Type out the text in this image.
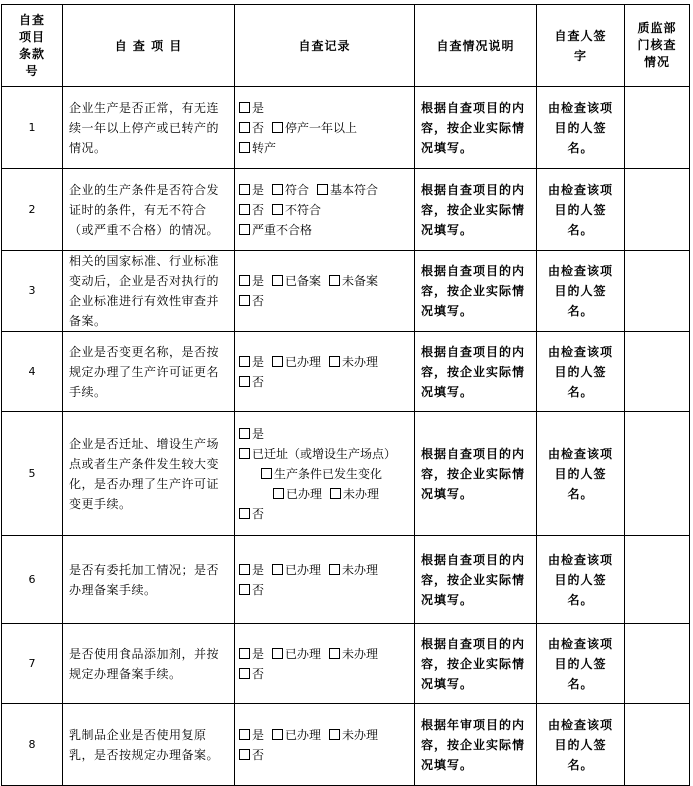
自查项目条款号	自 查 项 目	自查记录	自查情况说明	自查人签字	质监部门核查情况
1	企业生产是否正常，有无连续一年以上停产或已转产的情况。	是
否 停产一年以上转产	根据自查项目的内容，按企业实际情况填写。	由检查该项目的人签名。	
2	企业的生产条件是否符合发证时的条件，有无不符合（或严重不合格）的情况。	是 符合 基本符合
否 不符合严重不合格	根据自查项目的内容，按企业实际情况填写。	由检查该项目的人签名。	
3	相关的国家标准、行业标准变动后，企业是否对执行的企业标准进行有效性审查并备案。	是 已备案 未备案
否	根据自查项目的内容，按企业实际情况填写。	由检查该项目的人签名。	
4	企业是否变更名称，是否按规定办理了生产许可证更名手续。	是 已办理 未办理
否	根据自查项目的内容，按企业实际情况填写。	由检查该项目的人签名。	
5	企业是否迁址、增设生产场点或者生产条件发生较大变化，是否办理了生产许可证变更手续。	是已迁址（或增设生产场点）
生产条件已发生变化
已办理 未办理
否	根据自查项目的内容，按企业实际情况填写。	由检查该项目的人签名。	
6	是否有委托加工情况；是否办理备案手续。	是 已办理 未办理
否	根据自查项目的内容，按企业实际情况填写。	由检查该项目的人签名。	
7	是否使用食品添加剂，并按规定办理备案手续。	是 已办理 未办理
否	根据自查项目的内容，按企业实际情况填写。	由检查该项目的人签名。	
8	乳制品企业是否使用复原乳，是否按规定办理备案。	是 已办理 未办理
否	根据年审项目的内容，按企业实际情况填写。	由检查该项目的人签名。	
